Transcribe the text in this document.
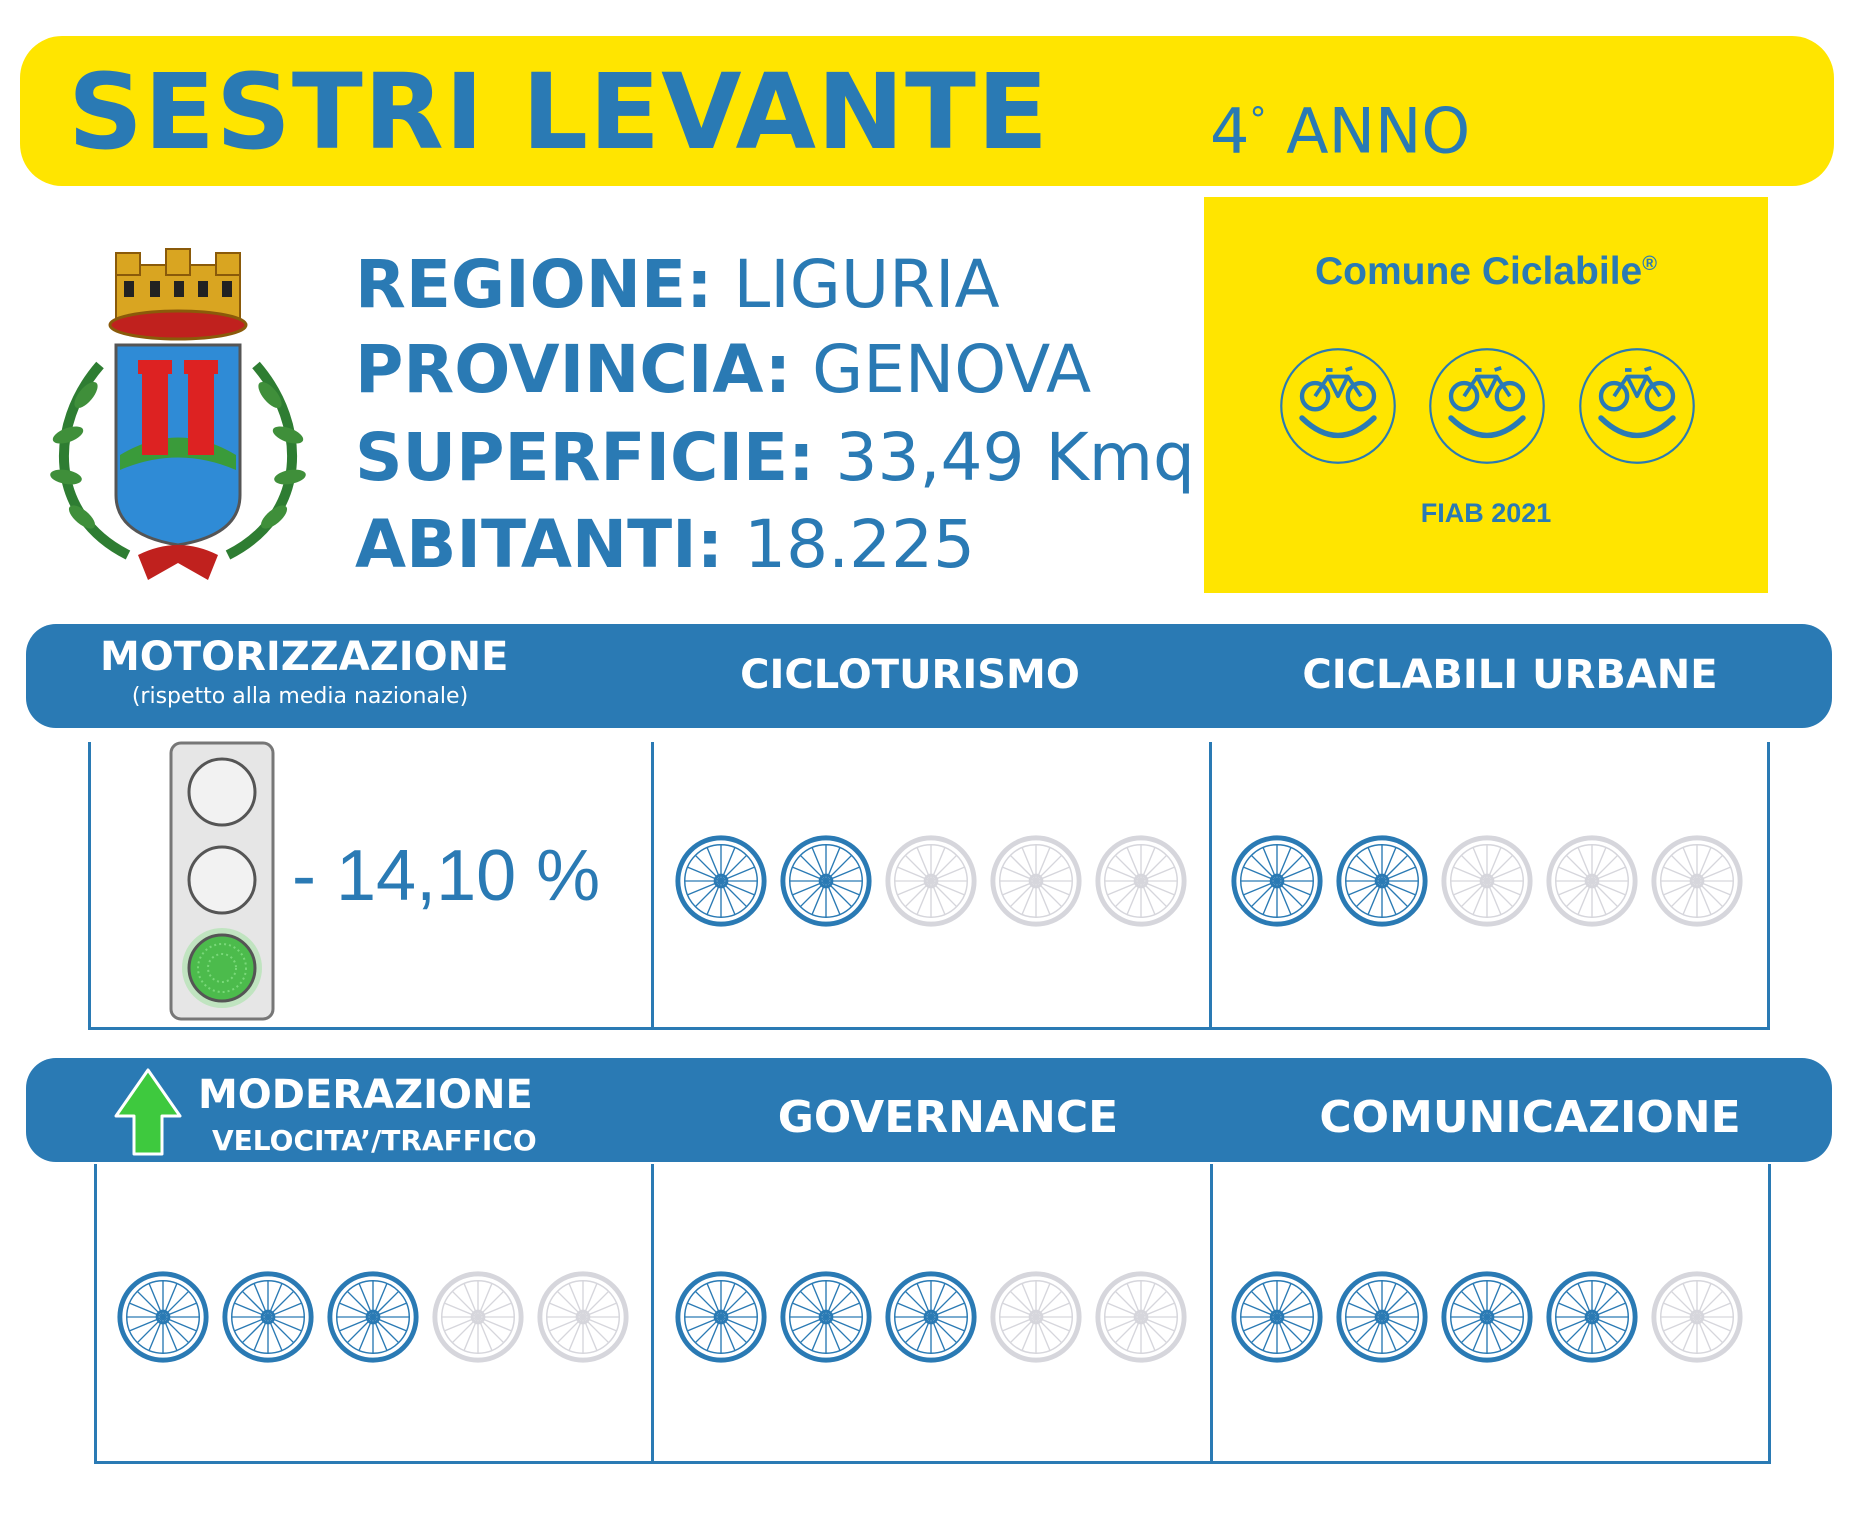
SESTRI LEVANTE	4° ANNO
REGIONE: LIGURIA
PROVINCIA: GENOVA
SUPERFICIE: 33,49 Kmq
ABITANTI: 18.225
Comune Ciclabile®
FIAB 2021
MOTORIZZAZIONE
(rispetto alla media nazionale)	CICLOTURISMO	CICLABILI URBANE
- 14,10 %
MODERAZIONE
VELOCITA’/TRAFFICO	GOVERNANCE	COMUNICAZIONE
